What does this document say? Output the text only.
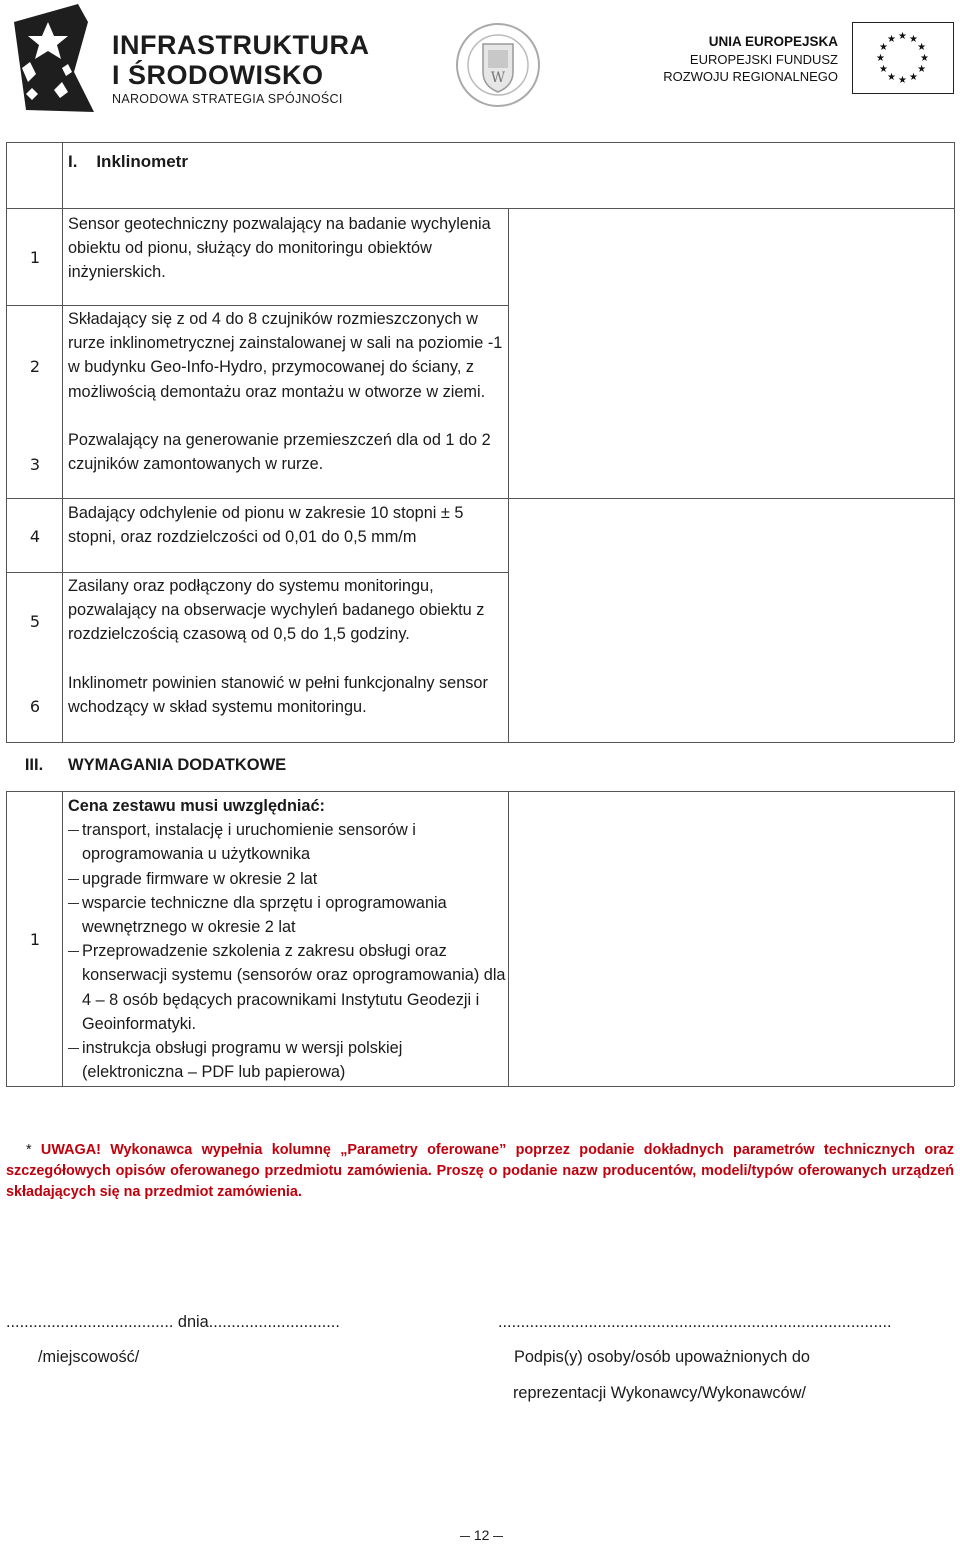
INFRASTRUKTURA
I ŚRODOWISKO
NARODOWA STRATEGIA SPÓJNOŚCI
W
UNIA EUROPEJSKA
EUROPEJSKI FUNDUSZ
ROZWOJU REGIONALNEGO
★ ★
★
★
★
★
★
★
★
★
★
★
I.    Inklinometr
1
Sensor geotechniczny pozwalający na badanie wychylenia obiektu od pionu, służący do monitoringu obiektów inżynierskich.
2
Składający się z od 4 do 8 czujników rozmieszczonych w rurze inklinometrycznej zainstalowanej w sali na poziomie -1 w budynku Geo-Info-Hydro, przymocowanej do ściany, z możliwością demontażu oraz montażu w otworze w ziemi.
3
Pozwalający na generowanie przemieszczeń dla od 1 do 2 czujników zamontowanych w rurze.
4
Badający odchylenie od pionu w zakresie 10 stopni ± 5 stopni, oraz rozdzielczości od 0,01 do 0,5 mm/m
5
Zasilany oraz podłączony do systemu monitoringu, pozwalający na obserwacje wychyleń badanego obiektu z rozdzielczością czasową od 0,5 do 1,5 godziny.
6
Inklinometr powinien stanowić w pełni funkcjonalny sensor wchodzący w skład systemu monitoringu.
III.	WYMAGANIA DODATKOWE
1

Cena zestawu musi uwzględniać:

transport, instalację i uruchomienie sensorów i oprogramowania u użytkownika
upgrade firmware w okresie 2 lat
wsparcie techniczne dla sprzętu i oprogramowania wewnętrznego w okresie 2 lat
Przeprowadzenie szkolenia z zakresu obsługi oraz konserwacji systemu (sensorów oraz oprogramowania) dla 4 – 8 osób będących pracownikami Instytutu Geodezji i Geoinformatyki.
instrukcja obsługi programu w wersji polskiej (elektroniczna – PDF lub papierowa)
* UWAGA! Wykonawca wypełnia kolumnę „Parametry oferowane” poprzez podanie dokładnych parametrów technicznych oraz szczegółowych opisów oferowanego przedmiotu zamówienia. Proszę o podanie nazw producentów, modeli/typów oferowanych urządzeń składających się na przedmiot zamówienia.
..................................... dnia.............................
/miejscowość/
.......................................................................................
Podpis(y) osoby/osób upoważnionych do
reprezentacji Wykonawcy/Wykonawców/
12
